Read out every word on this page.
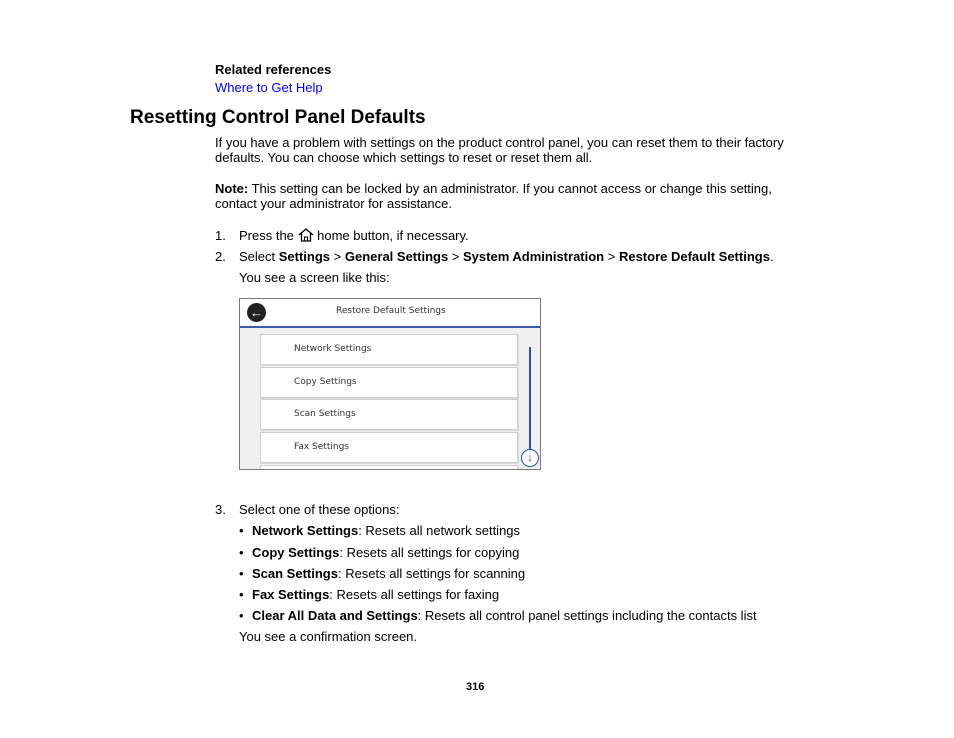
Related references
Where to Get Help
Resetting Control Panel Defaults
If you have a problem with settings on the product control panel, you can reset them to their factory
defaults. You can choose which settings to reset or reset them all.
Note: This setting can be locked by an administrator. If you cannot access or change this setting,
contact your administrator for assistance.
1. Press the  home button, if necessary.
2. Select Settings > General Settings > System Administration > Restore Default Settings.
You see a screen like this:
←	Restore Default Settings
Network Settings
Copy Settings
Scan Settings
Fax Settings
↓
3. Select one of these options:
• Network Settings: Resets all network settings
• Copy Settings: Resets all settings for copying
• Scan Settings: Resets all settings for scanning
• Fax Settings: Resets all settings for faxing
• Clear All Data and Settings: Resets all control panel settings including the contacts list
You see a confirmation screen.
316
